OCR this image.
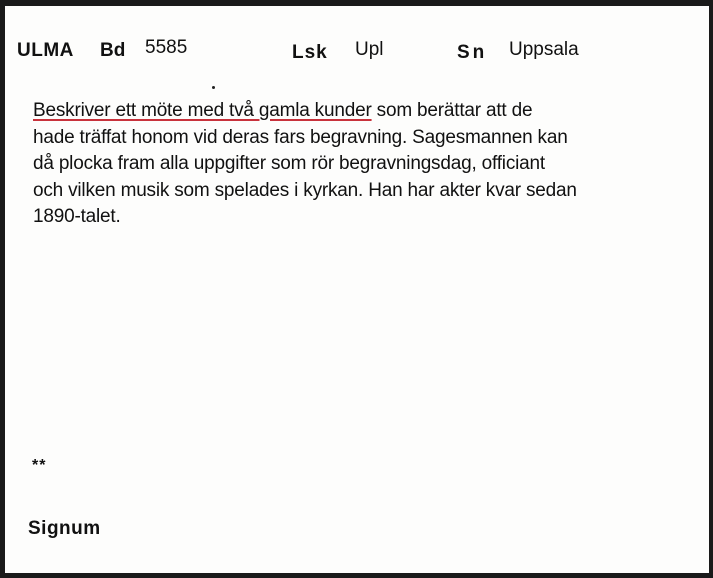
ULMA Bd 5585	Lsk Upl	Sn Uppsala

Beskriver ett möte med två gamla kunder som berättar att de

hade träffat honom vid deras fars begravning. Sagesmannen kan

då plocka fram alla uppgifter som rör begravningsdag, officiant

och vilken musik som spelades i kyrkan. Han har akter kvar sedan

1890-talet.

**
Signum
